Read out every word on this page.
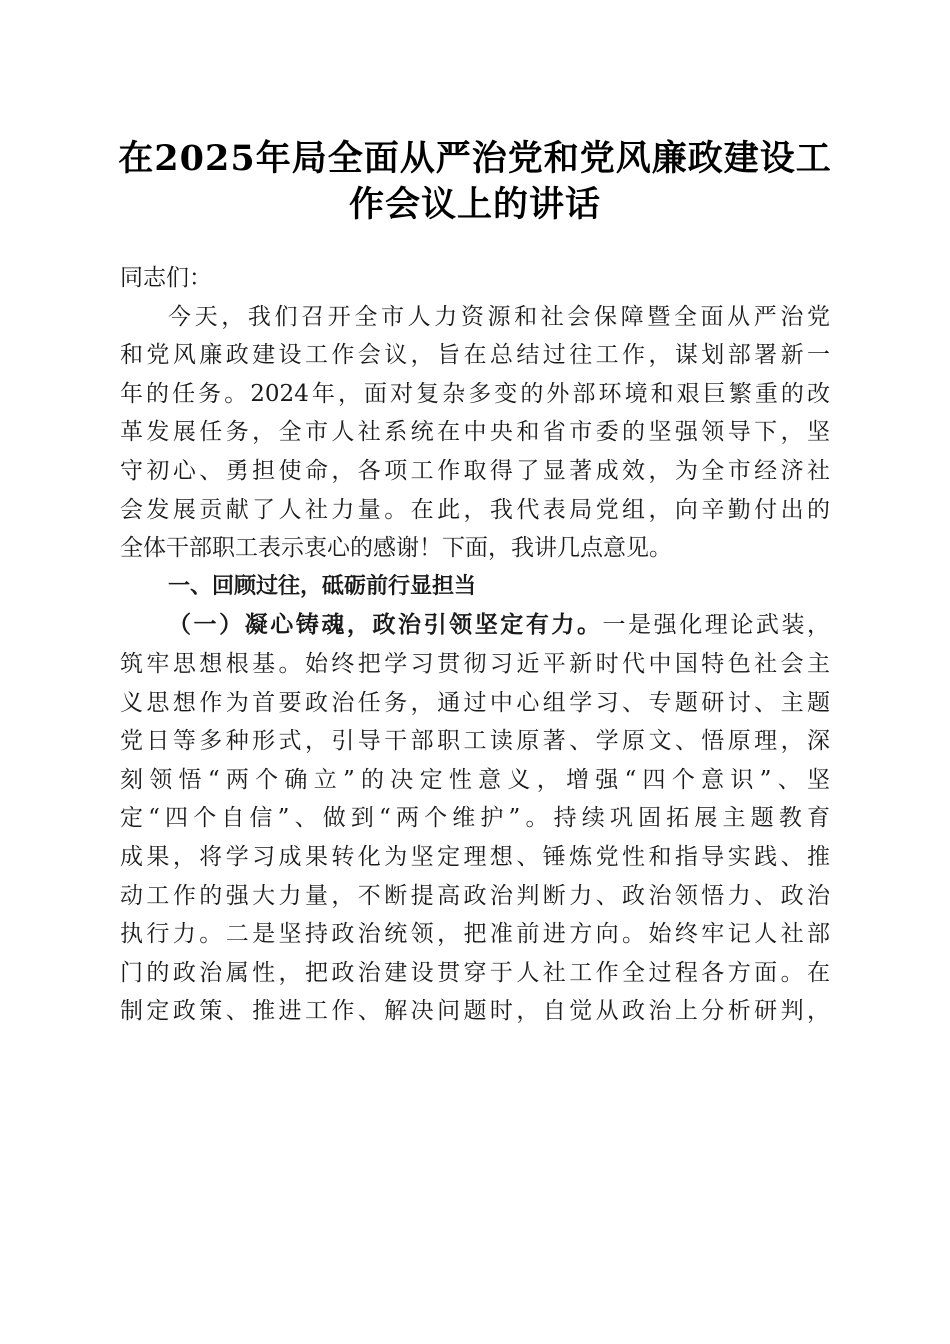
在2025年局全面从严治党和党风廉政建设工
作会议上的讲话
同志们：
今天，我们召开全市人力资源和社会保障暨全面从严治党
和党风廉政建设工作会议，旨在总结过往工作，谋划部署新一
年的任务。2024年，面对复杂多变的外部环境和艰巨繁重的改
革发展任务，全市人社系统在中央和省市委的坚强领导下，坚
守初心、勇担使命，各项工作取得了显著成效，为全市经济社
会发展贡献了人社力量。在此，我代表局党组，向辛勤付出的
全体干部职工表示衷心的感谢！下面，我讲几点意见。
一、回顾过往，砥砺前行显担当
（一）凝心铸魂，政治引领坚定有力。一是强化理论武装，
筑牢思想根基。始终把学习贯彻习近平新时代中国特色社会主
义思想作为首要政治任务，通过中心组学习、专题研讨、主题
党日等多种形式，引导干部职工读原著、学原文、悟原理，深
刻领悟“两个确立”的决定性意义，增强“四个意识”、坚
定“四个自信”、做到“两个维护”。持续巩固拓展主题教育
成果，将学习成果转化为坚定理想、锤炼党性和指导实践、推
动工作的强大力量，不断提高政治判断力、政治领悟力、政治
执行力。二是坚持政治统领，把准前进方向。始终牢记人社部
门的政治属性，把政治建设贯穿于人社工作全过程各方面。在
制定政策、推进工作、解决问题时，自觉从政治上分析研判，
